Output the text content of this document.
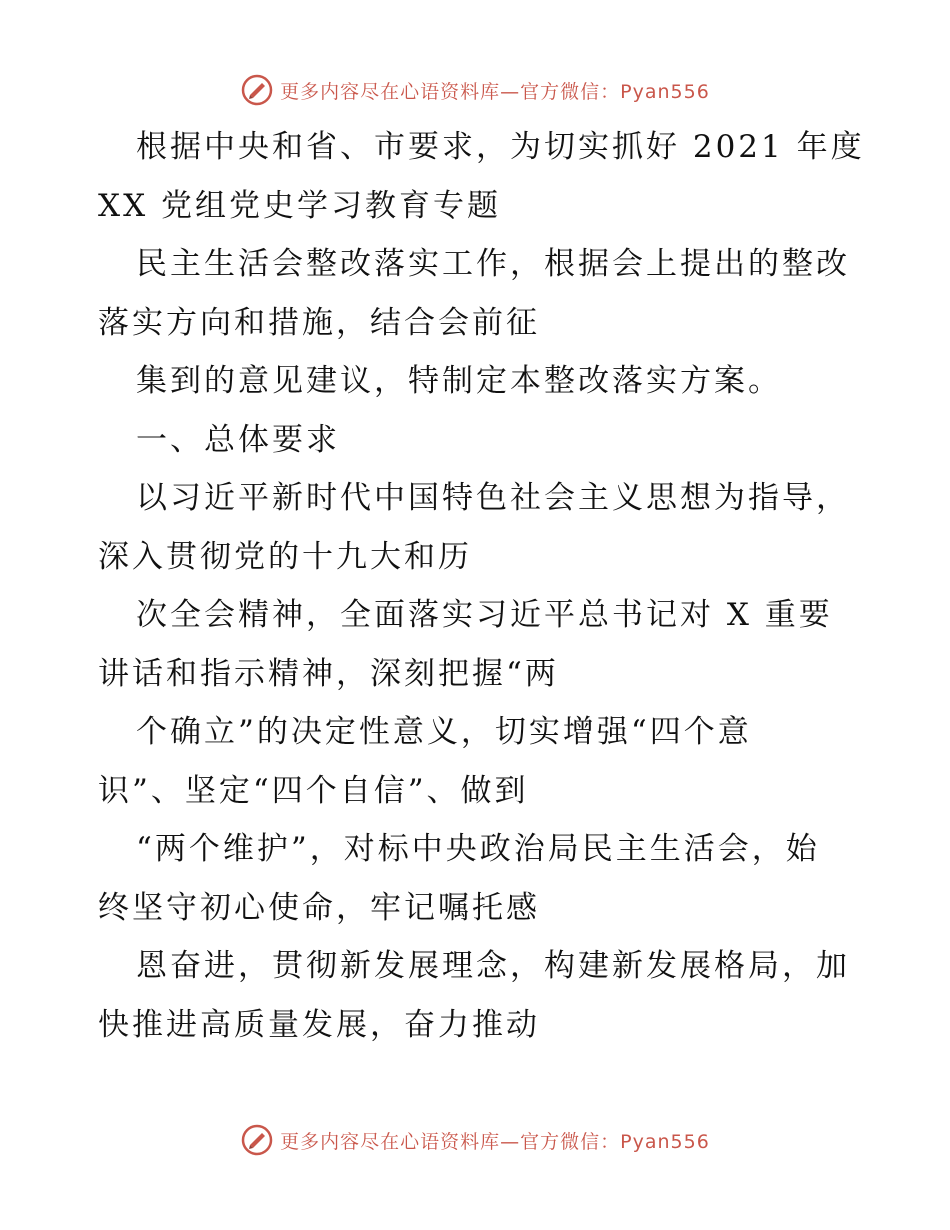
更多内容尽在心语资料库—官方微信：Pyan556
根据中央和省、市要求，为切实抓好 2021 年度
XX 党组党史学习教育专题
民主生活会整改落实工作，根据会上提出的整改
落实方向和措施，结合会前征
集到的意见建议，特制定本整改落实方案。
一、总体要求
以习近平新时代中国特色社会主义思想为指导，
深入贯彻党的十九大和历
次全会精神，全面落实习近平总书记对 X 重要
讲话和指示精神，深刻把握“两
个确立”的决定性意义，切实增强“四个意
识”、坚定“四个自信”、做到
“两个维护”，对标中央政治局民主生活会，始
终坚守初心使命，牢记嘱托感
恩奋进，贯彻新发展理念，构建新发展格局，加
快推进高质量发展，奋力推动
更多内容尽在心语资料库—官方微信：Pyan556
